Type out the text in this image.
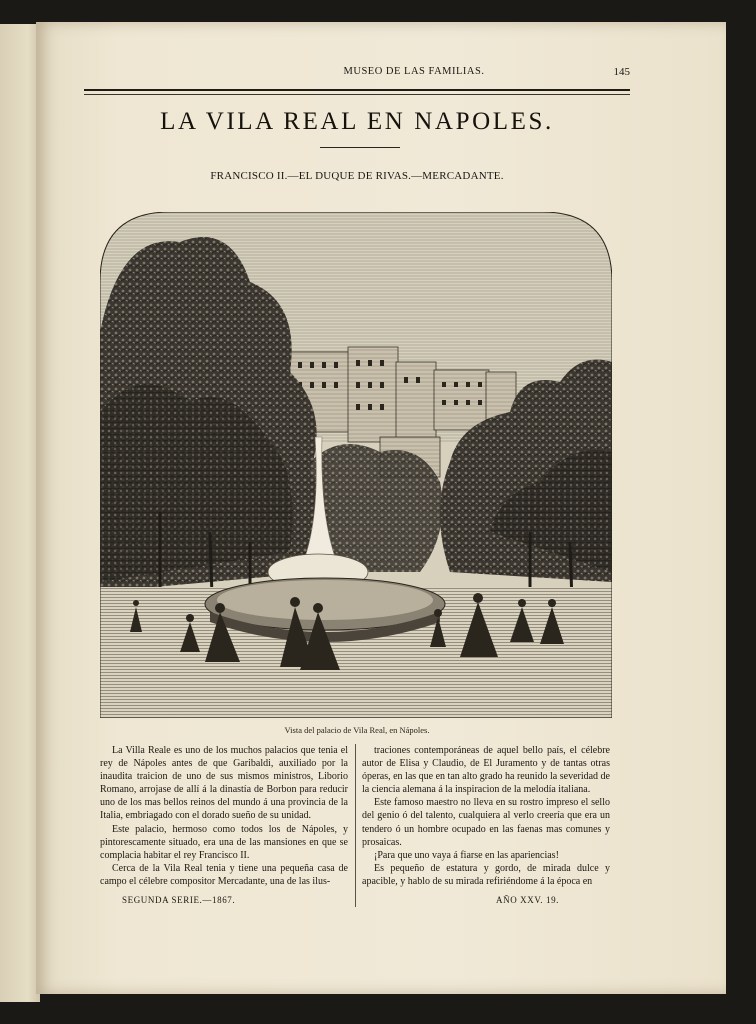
MUSEO DE LAS FAMILIAS.	145
LA VILA REAL EN NAPOLES.
FRANCISCO II.—EL DUQUE DE RIVAS.—MERCADANTE.
Vista del palacio de Vila Real, en Nápoles.

La Villa Reale es uno de los muchos palacios que tenia el rey de Nápoles antes de que Garibaldi, auxiliado por la inaudita traicion de uno de sus mismos ministros, Liborio Romano, arrojase de allí á la dinastía de Borbon para reducir uno de los mas bellos reinos del mundo á una provincia de la Italia, embriagado con el dorado sueño de su unidad.

Este palacio, hermoso como todos los de Nápoles, y pintorescamente situado, era una de las mansiones en que se complacia habitar el rey Francisco II.

Cerca de la Vila Real tenia y tiene una pequeña casa de campo el célebre compositor Mercadante, una de las ilus-

traciones contemporáneas de aquel bello país, el célebre autor de Elisa y Claudio, de El Juramento y de tantas otras óperas, en las que en tan alto grado ha reunido la severidad de la ciencia alemana á la inspiracion de la melodía italiana.

Este famoso maestro no lleva en su rostro impreso el sello del genio ó del talento, cualquiera al verlo creería que era un tendero ó un hombre ocupado en las faenas mas comunes y prosaicas.

¡Para que uno vaya á fiarse en las apariencias!

Es pequeño de estatura y gordo, de mirada dulce y apacible, y hablo de su mirada refiriéndome á la época en

SEGUNDA SERIE.—1867.	AÑO XXV. 19.
